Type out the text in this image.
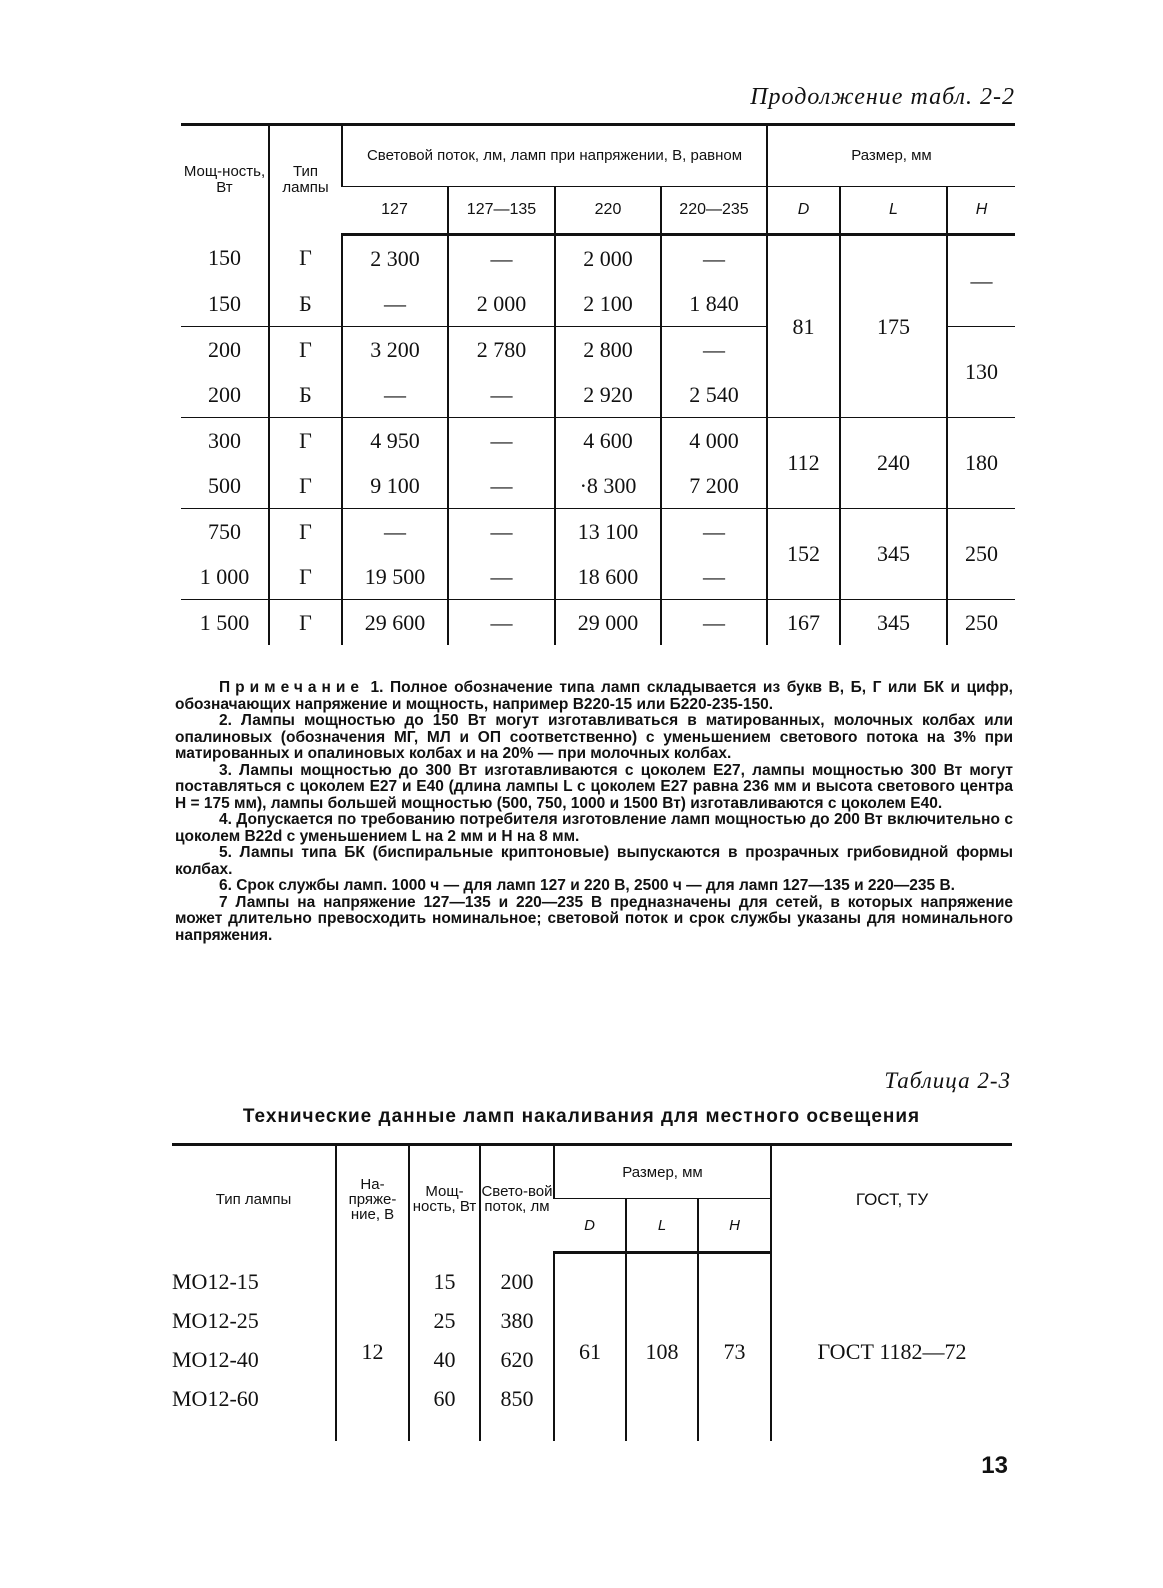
Продолжение табл. 2-2
Мощ-ность, Вт	Тип лампы	Световой поток, лм, ламп при напряжении, В, равном				Размер, мм		
		127	127—135	220	220—235	D	L	H
150	Г	2 300	—	2 000	—	81	175	—
150	Б	—	2 000	2 100	1 840			
200	Г	3 200	2 780	2 800	—			130
200	Б	—	—	2 920	2 540			
300	Г	4 950	—	4 600	4 000	112	240	180
500	Г	9 100	—	·8 300	7 200			
750	Г	—	—	13 100	—	152	345	250
1 000	Г	19 500	—	18 600	—			
1 500	Г	29 600	—	29 000	—	167	345	250

Примечание 1. Полное обозначение типа ламп складывается из букв В, Б, Г или БК и цифр, обозначающих напряжение и мощность, например В220-15 или Б220-235-150.

2. Лампы мощностью до 150 Вт могут изготавливаться в матированных, молочных колбах или опалиновых (обозначения МГ, МЛ и ОП соответственно) с уменьшением светового потока на 3% при матированных и опалиновых колбах и на 20% — при молочных колбах.

3. Лампы мощностью до 300 Вт изготавливаются с цоколем Е27, лампы мощностью 300 Вт могут поставляться с цоколем Е27 и Е40 (длина лампы L с цоколем Е27 равна 236 мм и высота светового центра H = 175 мм), лампы большей мощностью (500, 750, 1000 и 1500 Вт) изготавливаются с цоколем Е40.

4. Допускается по требованию потребителя изготовление ламп мощностью до 200 Вт включительно с цоколем В22d с уменьшением L на 2 мм и H на 8 мм.

5. Лампы типа БК (биспиральные криптоновые) выпускаются в прозрачных грибовидной формы колбах.

6. Срок службы ламп. 1000 ч — для ламп 127 и 220 В, 2500 ч — для ламп 127—135 и 220—235 В.

7 Лампы на напряжение 127—135 и 220—235 В предназначены для сетей, в которых напряжение может длительно превосходить номинальное; световой поток и срок службы указаны для номинального напряжения.

Таблица 2-3
Технические данные ламп накаливания для местного освещения
Тип лампы	На-пряже-ние, В	Мощ-ность, Вт	Свето-вой поток, лм	Размер, мм			ГОСТ, ТУ
				D	L	H	
МО12-15	12	15	200	61	108	73	ГОСТ 1182—72
МО12-25		25	380				
МО12-40		40	620				
МО12-60		60	850				
13
